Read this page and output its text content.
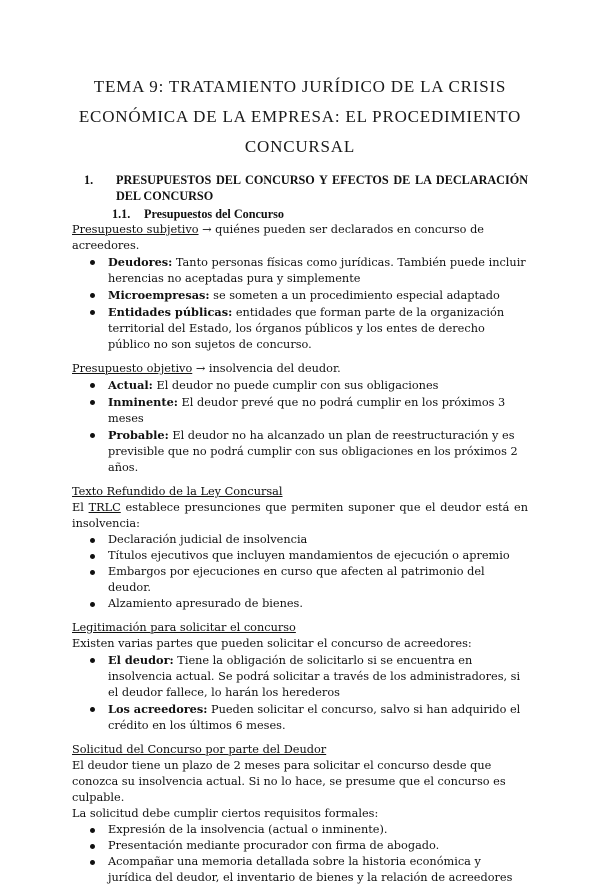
TEMA 9: TRATAMIENTO JURÍDICO DE LA CRISIS ECONÓMICA DE LA EMPRESA: EL PROCEDIMIENTO CONCURSAL
1.	PRESUPUESTOS DEL CONCURSO Y EFECTOS DE LA DECLARACIÓN DEL CONCURSO
1.1.	Presupuestos del Concurso

Presupuesto subjetivo → quiénes pueden ser declarados en concurso de acreedores.

Deudores: Tanto personas físicas como jurídicas. También puede incluir herencias no aceptadas pura y simplemente
Microempresas: se someten a un procedimiento especial adaptado
Entidades públicas: entidades que forman parte de la organización territorial del Estado, los órganos públicos y los entes de derecho público no son sujetos de concurso.

Presupuesto objetivo → insolvencia del deudor.

Actual: El deudor no puede cumplir con sus obligaciones
Inminente: El deudor prevé que no podrá cumplir en los próximos 3 meses
Probable: El deudor no ha alcanzado un plan de reestructuración y es previsible que no podrá cumplir con sus obligaciones en los próximos 2 años.

Texto Refundido de la Ley Concursal

El TRLC establece presunciones que permiten suponer que el deudor está en insolvencia:

Declaración judicial de insolvencia
Títulos ejecutivos que incluyen mandamientos de ejecución o apremio
Embargos por ejecuciones en curso que afecten al patrimonio del deudor.
Alzamiento apresurado de bienes.

Legitimación para solicitar el concurso

Existen varias partes que pueden solicitar el concurso de acreedores:

El deudor: Tiene la obligación de solicitarlo si se encuentra en insolvencia actual. Se podrá solicitar a través de los administradores, si el deudor fallece, lo harán los herederos
Los acreedores: Pueden solicitar el concurso, salvo si han adquirido el crédito en los últimos 6 meses.

Solicitud del Concurso por parte del Deudor

El deudor tiene un plazo de 2 meses para solicitar el concurso desde que conozca su insolvencia actual. Si no lo hace, se presume que el concurso es culpable.

La solicitud debe cumplir ciertos requisitos formales:

Expresión de la insolvencia (actual o inminente).
Presentación mediante procurador con firma de abogado.
Acompañar una memoria detallada sobre la historia económica y jurídica del deudor, el inventario de bienes y la relación de acreedores
